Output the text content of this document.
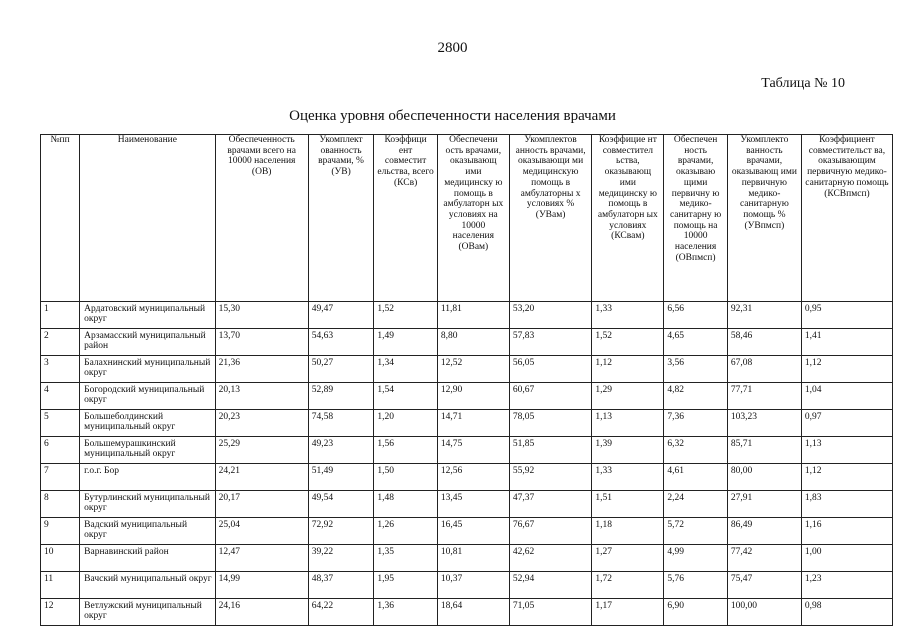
2800
Таблица № 10
Оценка уровня обеспеченности населения врачами
№пп	Наименование	Обеспеченность врачами всего на 10000 населения (ОВ)	Укомплект ованность врачами, % (УВ)	Коэффици ент совместит ельства, всего (КСв)	Обеспечени ость врачами, оказывающ ими медицинску ю помощь в амбулаторн ых условиях на 10000 населения (ОВам)	Укомплектов анность врачами, оказывающи ми медицинскую помощь в амбулаторны х условиях % (УВам)	Коэффицие нт совместител ьства, оказывающ ими медицинску ю помощь в амбулаторн ых условиях (КСвам)	Обеспечен ность врачами, оказываю щими первичну ю медико-санитарну ю помощь на 10000 населения (ОВпмсп)	Укомплекто ванность врачами, оказывающ ими первичную медико-санитарную помощь % (УВпмсп)	Коэффициент совместительст ва, оказывающим первичную медико-санитарную помощь (КСВпмсп)
1	Ардатовский муниципальный округ	15,30	49,47	1,52	11,81	53,20	1,33	6,56	92,31	0,95
2	Арзамасский муниципальный район	13,70	54,63	1,49	8,80	57,83	1,52	4,65	58,46	1,41
3	Балахнинский муниципальный округ	21,36	50,27	1,34	12,52	56,05	1,12	3,56	67,08	1,12
4	Богородский муниципальный округ	20,13	52,89	1,54	12,90	60,67	1,29	4,82	77,71	1,04
5	Большеболдинский муниципальный округ	20,23	74,58	1,20	14,71	78,05	1,13	7,36	103,23	0,97
6	Большемурашкинский муниципальный округ	25,29	49,23	1,56	14,75	51,85	1,39	6,32	85,71	1,13
7	г.о.г. Бор	24,21	51,49	1,50	12,56	55,92	1,33	4,61	80,00	1,12
8	Бутурлинский муниципальный округ	20,17	49,54	1,48	13,45	47,37	1,51	2,24	27,91	1,83
9	Вадский муниципальный округ	25,04	72,92	1,26	16,45	76,67	1,18	5,72	86,49	1,16
10	Варнавинский район	12,47	39,22	1,35	10,81	42,62	1,27	4,99	77,42	1,00
11	Вачский муниципальный округ	14,99	48,37	1,95	10,37	52,94	1,72	5,76	75,47	1,23
12	Ветлужский муниципальный округ	24,16	64,22	1,36	18,64	71,05	1,17	6,90	100,00	0,98
